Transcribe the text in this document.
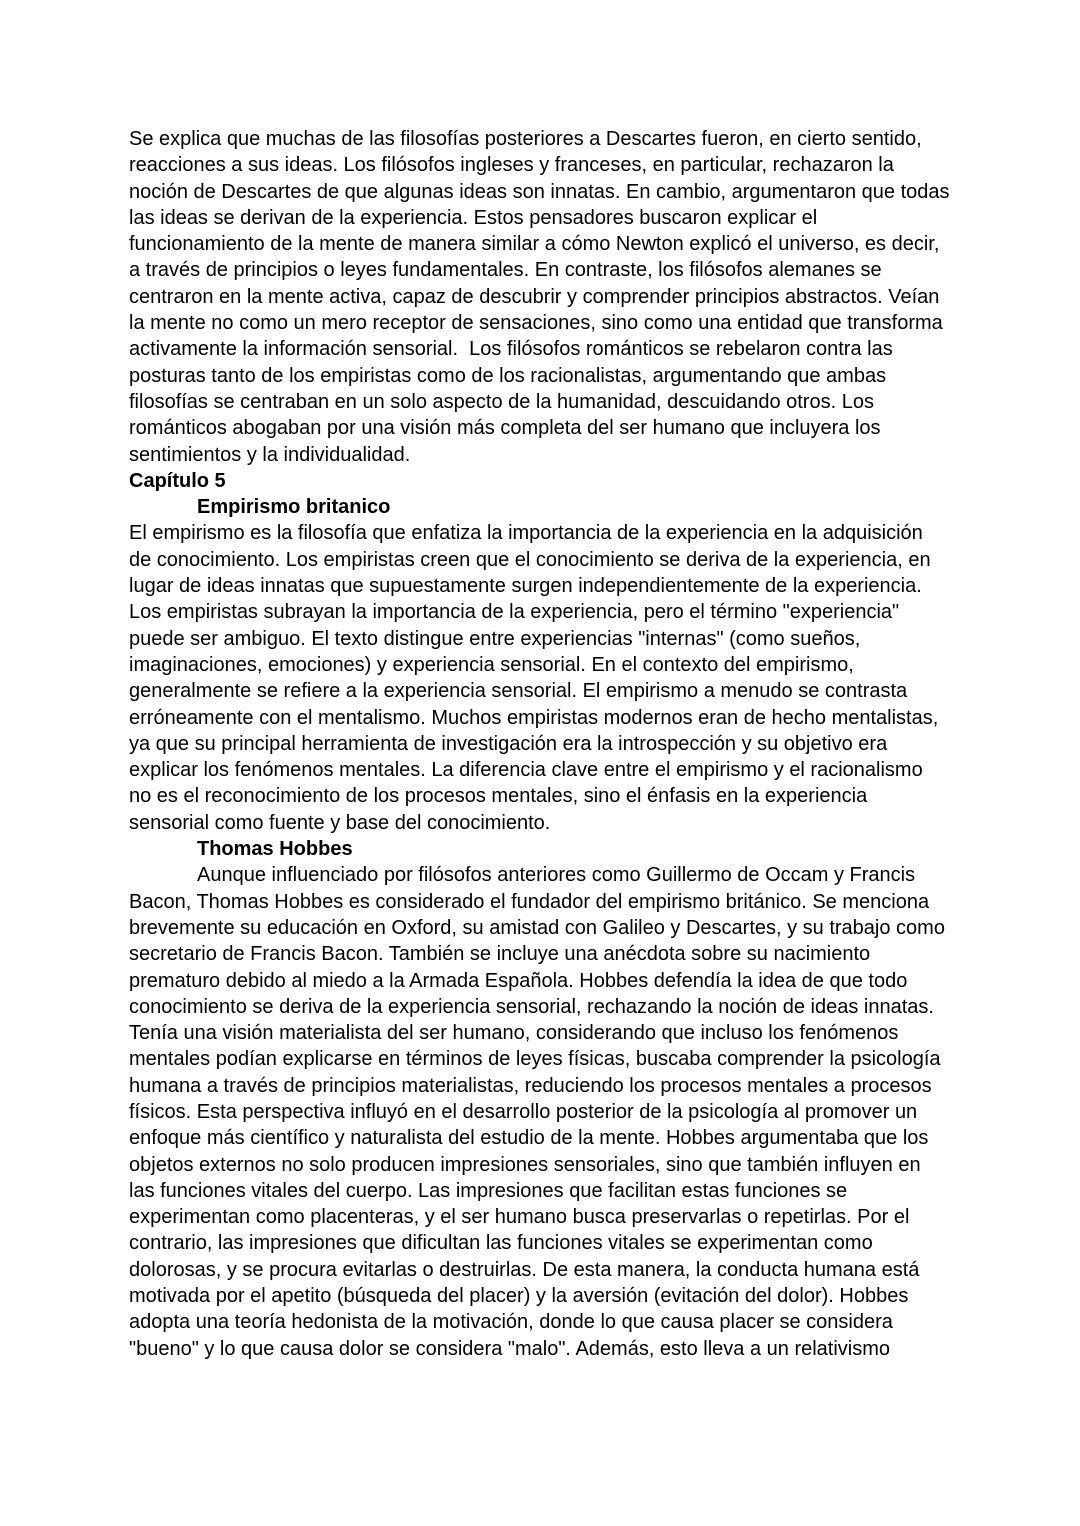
Se explica que muchas de las filosofías posteriores a Descartes fueron, en cierto sentido, reacciones a sus ideas. Los filósofos ingleses y franceses, en particular, rechazaron la noción de Descartes de que algunas ideas son innatas. En cambio, argumentaron que todas las ideas se derivan de la experiencia. Estos pensadores buscaron explicar el funcionamiento de la mente de manera similar a cómo Newton explicó el universo, es decir, a través de principios o leyes fundamentales. En contraste, los filósofos alemanes se centraron en la mente activa, capaz de descubrir y comprender principios abstractos. Veían la mente no como un mero receptor de sensaciones, sino como una entidad que transforma activamente la información sensorial.  Los filósofos románticos se rebelaron contra las posturas tanto de los empiristas como de los racionalistas, argumentando que ambas filosofías se centraban en un solo aspecto de la humanidad, descuidando otros. Los románticos abogaban por una visión más completa del ser humano que incluyera los sentimientos y la individualidad.

Capítulo 5
Empirismo britanico

El empirismo es la filosofía que enfatiza la importancia de la experiencia en la adquisición de conocimiento. Los empiristas creen que el conocimiento se deriva de la experiencia, en lugar de ideas innatas que supuestamente surgen independientemente de la experiencia. Los empiristas subrayan la importancia de la experiencia, pero el término "experiencia" puede ser ambiguo. El texto distingue entre experiencias "internas" (como sueños, imaginaciones, emociones) y experiencia sensorial. En el contexto del empirismo, generalmente se refiere a la experiencia sensorial. El empirismo a menudo se contrasta erróneamente con el mentalismo. Muchos empiristas modernos eran de hecho mentalistas, ya que su principal herramienta de investigación era la introspección y su objetivo era explicar los fenómenos mentales. La diferencia clave entre el empirismo y el racionalismo no es el reconocimiento de los procesos mentales, sino el énfasis en la experiencia sensorial como fuente y base del conocimiento.

Thomas Hobbes

Aunque influenciado por filósofos anteriores como Guillermo de Occam y Francis Bacon, Thomas Hobbes es considerado el fundador del empirismo británico. Se menciona brevemente su educación en Oxford, su amistad con Galileo y Descartes, y su trabajo como secretario de Francis Bacon. También se incluye una anécdota sobre su nacimiento prematuro debido al miedo a la Armada Española. Hobbes defendía la idea de que todo conocimiento se deriva de la experiencia sensorial, rechazando la noción de ideas innatas. Tenía una visión materialista del ser humano, considerando que incluso los fenómenos mentales podían explicarse en términos de leyes físicas, buscaba comprender la psicología humana a través de principios materialistas, reduciendo los procesos mentales a procesos físicos. Esta perspectiva influyó en el desarrollo posterior de la psicología al promover un enfoque más científico y naturalista del estudio de la mente. Hobbes argumentaba que los objetos externos no solo producen impresiones sensoriales, sino que también influyen en las funciones vitales del cuerpo. Las impresiones que facilitan estas funciones se experimentan como placenteras, y el ser humano busca preservarlas o repetirlas. Por el contrario, las impresiones que dificultan las funciones vitales se experimentan como dolorosas, y se procura evitarlas o destruirlas. De esta manera, la conducta humana está motivada por el apetito (búsqueda del placer) y la aversión (evitación del dolor). Hobbes adopta una teoría hedonista de la motivación, donde lo que causa placer se considera "bueno" y lo que causa dolor se considera "malo". Además, esto lleva a un relativismo
